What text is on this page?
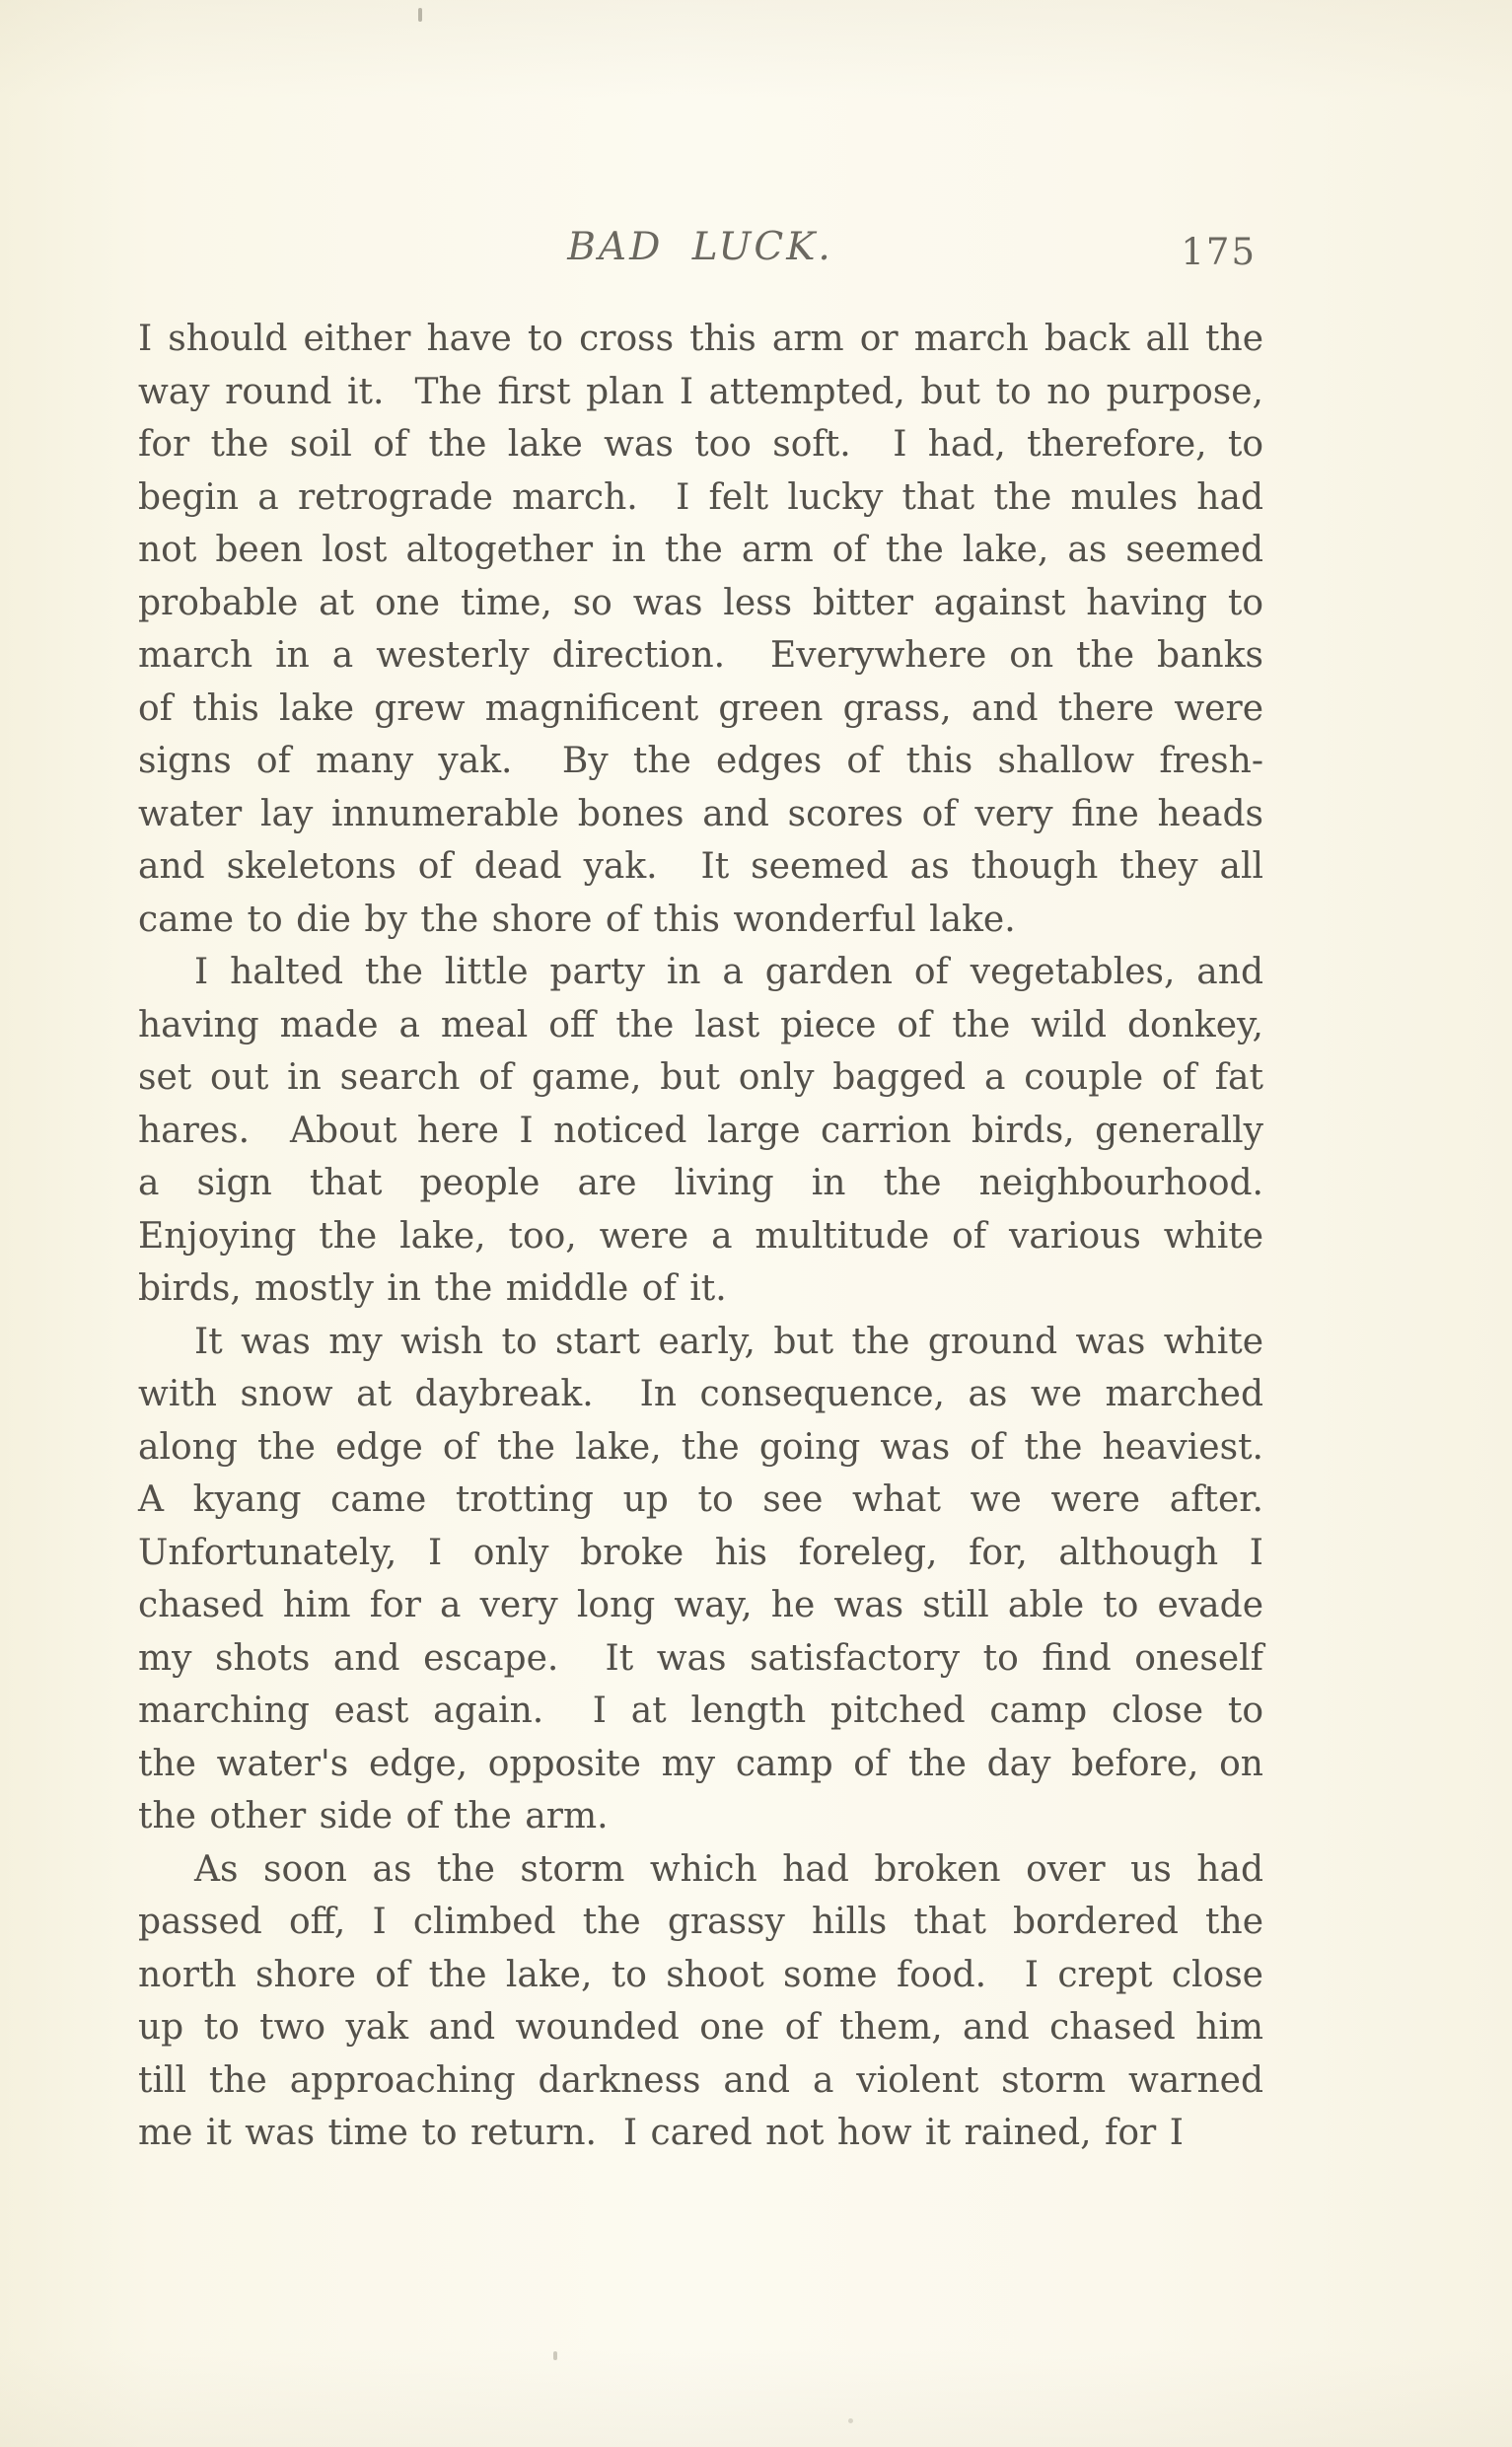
BAD LUCK.	175
I should either have to cross this arm or march back all the
way round it.  The first plan I attempted, but to no purpose,
for the soil of the lake was too soft.  I had, therefore, to
begin a retrograde march.  I felt lucky that the mules had
not been lost altogether in the arm of the lake, as seemed
probable at one time, so was less bitter against having to
march in a westerly direction.  Everywhere on the banks
of this lake grew magnificent green grass, and there were
signs of many yak.  By the edges of this shallow fresh-
water lay innumerable bones and scores of very fine heads
and skeletons of dead yak.  It seemed as though they all
came to die by the shore of this wonderful lake.
I halted the little party in a garden of vegetables, and
having made a meal off the last piece of the wild donkey,
set out in search of game, but only bagged a couple of fat
hares.  About here I noticed large carrion birds, generally
a sign that people are living in the neighbourhood.
Enjoying the lake, too, were a multitude of various white
birds, mostly in the middle of it.
It was my wish to start early, but the ground was white
with snow at daybreak.  In consequence, as we marched
along the edge of the lake, the going was of the heaviest.
A kyang came trotting up to see what we were after.
Unfortunately, I only broke his foreleg, for, although I
chased him for a very long way, he was still able to evade
my shots and escape.  It was satisfactory to find oneself
marching east again.  I at length pitched camp close to
the water's edge, opposite my camp of the day before, on
the other side of the arm.
As soon as the storm which had broken over us had
passed off, I climbed the grassy hills that bordered the
north shore of the lake, to shoot some food.  I crept close
up to two yak and wounded one of them, and chased him
till the approaching darkness and a violent storm warned
me it was time to return.  I cared not how it rained, for I
